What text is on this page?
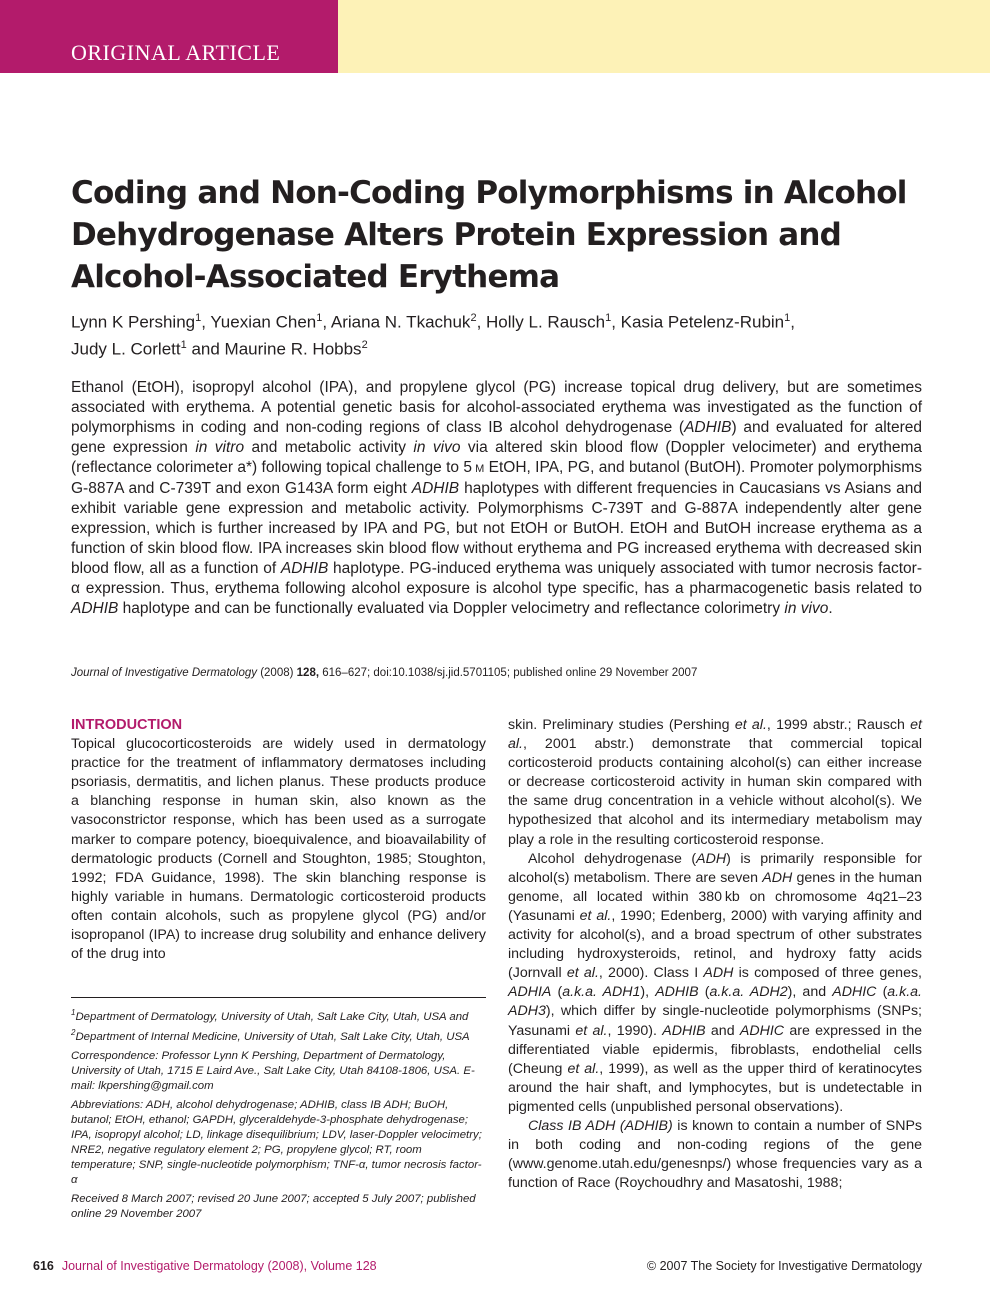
ORIGINAL ARTICLE
Coding and Non-Coding Polymorphisms in Alcohol Dehydrogenase Alters Protein Expression and Alcohol-Associated Erythema
Lynn K Pershing$^1$, Yuexian Chen$^1$, Ariana N. Tkachuk$^2$, Holly L. Rausch$^1$, Kasia Petelenz-Rubin$^1$,
Judy L. Corlett$^1$ and Maurine R. Hobbs$^2$

Ethanol (EtOH), isopropyl alcohol (IPA), and propylene glycol (PG) increase topical drug delivery, but are sometimes associated with erythema. A potential genetic basis for alcohol-associated erythema was investigated as the function of polymorphisms in coding and non-coding regions of class IB alcohol dehydrogenase (ADHIB) and evaluated for altered gene expression in vitro and metabolic activity in vivo via altered skin blood flow (Doppler velocimeter) and erythema (reflectance colorimeter a*) following topical challenge to 5 M EtOH, IPA, PG, and butanol (ButOH). Promoter polymorphisms G-887A and C-739T and exon G143A form eight ADHIB haplotypes with different frequencies in Caucasians vs Asians and exhibit variable gene expression and metabolic activity. Polymorphisms C-739T and G-887A independently alter gene expression, which is further increased by IPA and PG, but not EtOH or ButOH. EtOH and ButOH increase erythema as a function of skin blood flow. IPA increases skin blood flow without erythema and PG increased erythema with decreased skin blood flow, all as a function of ADHIB haplotype. PG-induced erythema was uniquely associated with tumor necrosis factor-α expression. Thus, erythema following alcohol exposure is alcohol type specific, has a pharmacogenetic basis related to ADHIB haplotype and can be functionally evaluated via Doppler velocimetry and reflectance colorimetry in vivo.

Journal of Investigative Dermatology (2008) 128, 616–627; doi:10.1038/sj.jid.5701105; published online 29 November 2007

INTRODUCTION

Topical glucocorticosteroids are widely used in dermatology practice for the treatment of inflammatory dermatoses including psoriasis, dermatitis, and lichen planus. These products produce a blanching response in human skin, also known as the vasoconstrictor response, which has been used as a surrogate marker to compare potency, bioequivalence, and bioavailability of dermatologic products (Cornell and Stoughton, 1985; Stoughton, 1992; FDA Guidance, 1998). The skin blanching response is highly variable in humans. Dermatologic corticosteroid products often contain alcohols, such as propylene glycol (PG) and/or isopropanol (IPA) to increase drug solubility and enhance delivery of the drug into

$^1$Department of Dermatology, University of Utah, Salt Lake City, Utah, USA and $^2$Department of Internal Medicine, University of Utah, Salt Lake City, Utah, USA

Correspondence: Professor Lynn K Pershing, Department of Dermatology, University of Utah, 1715 E Laird Ave., Salt Lake City, Utah 84108-1806, USA. E-mail: lkpershing@gmail.com

Abbreviations: ADH, alcohol dehydrogenase; ADHIB, class IB ADH; BuOH, butanol; EtOH, ethanol; GAPDH, glyceraldehyde-3-phosphate dehydrogenase; IPA, isopropyl alcohol; LD, linkage disequilibrium; LDV, laser-Doppler velocimetry; NRE2, negative regulatory element 2; PG, propylene glycol; RT, room temperature; SNP, single-nucleotide polymorphism; TNF-α, tumor necrosis factor-α

Received 8 March 2007; revised 20 June 2007; accepted 5 July 2007; published online 29 November 2007

skin. Preliminary studies (Pershing et al., 1999 abstr.; Rausch et al., 2001 abstr.) demonstrate that commercial topical corticosteroid products containing alcohol(s) can either increase or decrease corticosteroid activity in human skin compared with the same drug concentration in a vehicle without alcohol(s). We hypothesized that alcohol and its intermediary metabolism may play a role in the resulting corticosteroid response.

Alcohol dehydrogenase (ADH) is primarily responsible for alcohol(s) metabolism. There are seven ADH genes in the human genome, all located within 380 kb on chromosome 4q21–23 (Yasunami et al., 1990; Edenberg, 2000) with varying affinity and activity for alcohol(s), and a broad spectrum of other substrates including hydroxysteroids, retinol, and hydroxy fatty acids (Jornvall et al., 2000). Class I ADH is composed of three genes, ADHIA (a.k.a. ADH1), ADHIB (a.k.a. ADH2), and ADHIC (a.k.a. ADH3), which differ by single-nucleotide polymorphisms (SNPs; Yasunami et al., 1990). ADHIB and ADHIC are expressed in the differentiated viable epidermis, fibroblasts, endothelial cells (Cheung et al., 1999), as well as the upper third of keratinocytes around the hair shaft, and lymphocytes, but is undetectable in pigmented cells (unpublished personal observations).

Class IB ADH (ADHIB) is known to contain a number of SNPs in both coding and non-coding regions of the gene (www.genome.utah.edu/genesnps/) whose frequencies vary as a function of Race (Roychoudhry and Masatoshi, 1988;

616 Journal of Investigative Dermatology (2008), Volume 128	© 2007 The Society for Investigative Dermatology
